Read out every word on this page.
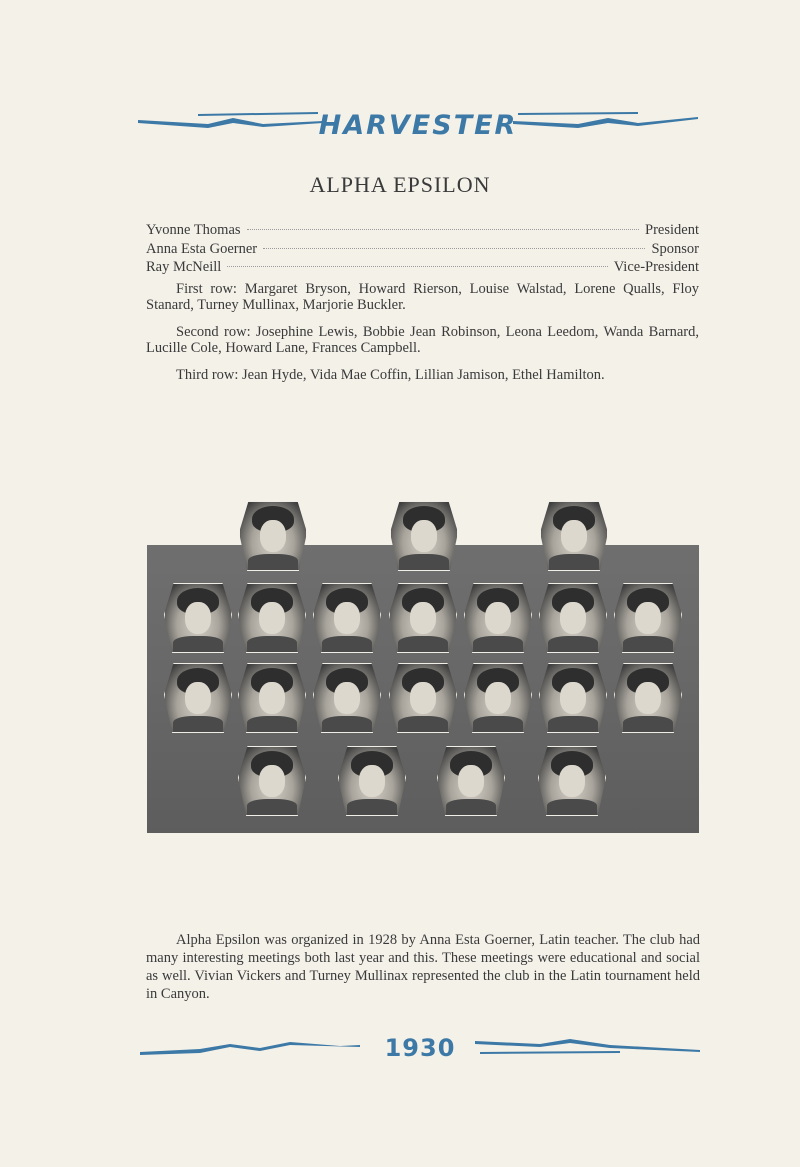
HARVESTER
ALPHA EPSILON
Yvonne Thomas	President
Anna Esta Goerner	Sponsor
Ray McNeill	Vice-President

First row: Margaret Bryson, Howard Rierson, Louise Walstad, Lorene Qualls, Floy Stanard, Turney Mullinax, Marjorie Buckler.

Second row: Josephine Lewis, Bobbie Jean Robinson, Leona Leedom, Wanda Barnard, Lucille Cole, Howard Lane, Frances Campbell.

Third row: Jean Hyde, Vida Mae Coffin, Lillian Jamison, Ethel Hamilton.

Alpha Epsilon was organized in 1928 by Anna Esta Goerner, Latin teacher. The club had many interesting meetings both last year and this. These meetings were educational and social as well. Vivian Vickers and Turney Mullinax represented the club in the Latin tournament held in Canyon.

1930
